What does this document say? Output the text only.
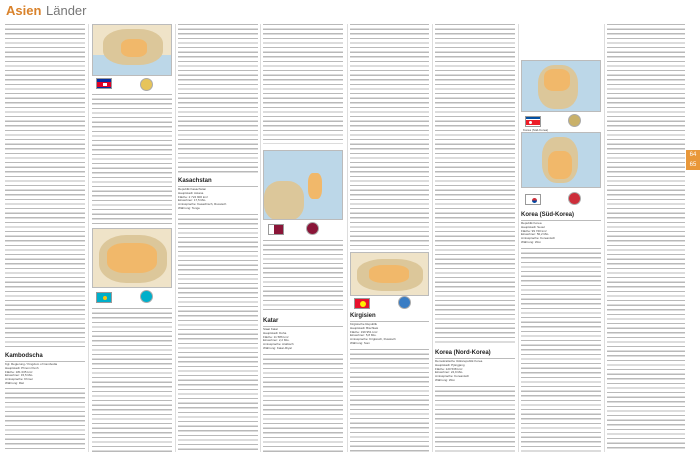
Asien Länder
64 65
Kambodscha
Kgl. Regierung / Kingdom of Cambodia
Hauptstadt: Phnom Penh
Fläche: 181 035 km²
Einwohner: 15,5 Mio.
Amtssprache: Khmer
Währung: Riel
Kasachstan
Republik Kasachstan
Hauptstadt: Astana
Fläche: 2 724 900 km²
Einwohner: 17,5 Mio.
Amtssprache: Kasachisch, Russisch
Währung: Tenge
Katar
Staat Katar
Hauptstadt: Doha
Fläche: 11 586 km²
Einwohner: 2,2 Mio.
Amtssprache: Arabisch
Währung: Katar-Riyal
Kirgisien
Kirgisische Republik
Hauptstadt: Bischkek
Fläche: 199 951 km²
Einwohner: 5,8 Mio.
Amtssprache: Kirgisisch, Russisch
Währung: Som
Korea (Nord-Korea)
Demokratische Volksrepublik Korea
Hauptstadt: Pjöngjang
Fläche: 120 538 km²
Einwohner: 24,9 Mio.
Amtssprache: Koreanisch
Währung: Won
Korea (Süd-Korea)
Korea (Süd-Korea)
Republik Korea
Hauptstadt: Seoul
Fläche: 99 720 km²
Einwohner: 50,2 Mio.
Amtssprache: Koreanisch
Währung: Won
